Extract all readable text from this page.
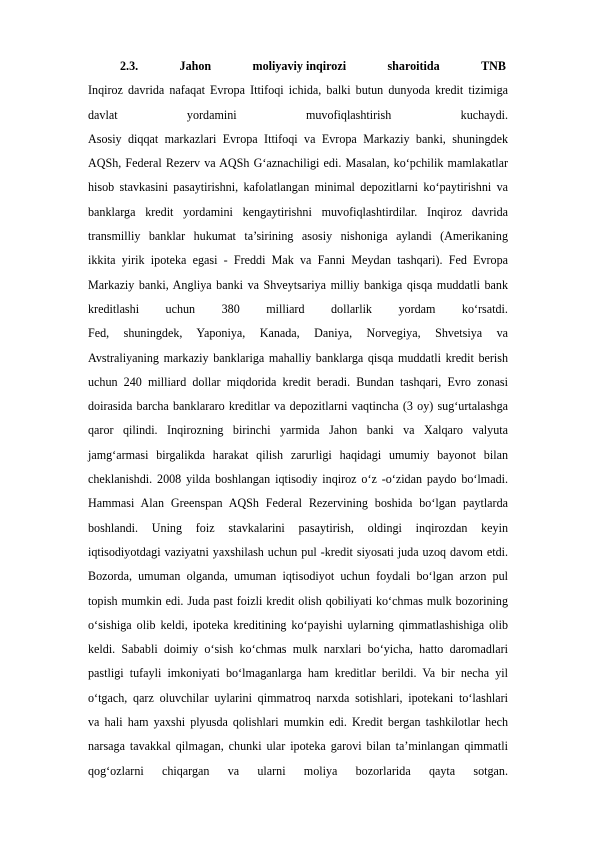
2.3.	Jahon	moliyaviy inqirozi	sharoitida	TNB
Inqiroz davrida nafaqat Evropa Ittifoqi ichida, balki butun dunyoda kredit tizimiga
davlat	yordamini	muvofiqlashtirish	kuchaydi.
Asosiy diqqat markazlari Evropa Ittifoqi va Evropa Markaziy banki, shuningdek
AQSh, Federal Rezerv va AQSh G‘aznachiligi edi. Masalan, ko‘pchilik mamlakatlar
hisob stavkasini pasaytirishni, kafolatlangan minimal depozitlarni ko‘paytirishni va
banklarga kredit yordamini kengaytirishni muvofiqlashtirdilar. Inqiroz davrida
transmilliy banklar hukumat ta’sirining asosiy nishoniga aylandi (Amerikaning
ikkita yirik ipoteka egasi - Freddi Mak va Fanni Meydan tashqari). Fed Evropa
Markaziy banki, Angliya banki va Shveytsariya milliy bankiga qisqa muddatli bank
kreditlashi uchun 380 milliard dollarlik yordam ko‘rsatdi.
Fed, shuningdek, Yaponiya, Kanada, Daniya, Norvegiya, Shvetsiya va
Avstraliyaning markaziy banklariga mahalliy banklarga qisqa muddatli kredit berish
uchun 240 milliard dollar miqdorida kredit beradi. Bundan tashqari, Evro zonasi
doirasida barcha banklararo kreditlar va depozitlarni vaqtincha (3 oy) sug‘urtalashga
qaror qilindi. Inqirozning birinchi yarmida Jahon banki va Xalqaro valyuta
jamg‘armasi birgalikda harakat qilish zarurligi haqidagi umumiy bayonot bilan
cheklanishdi. 2008 yilda boshlangan iqtisodiy inqiroz o‘z -o‘zidan paydo bo‘lmadi.
Hammasi Alan Greenspan AQSh Federal Rezervining boshida bo‘lgan paytlarda
boshlandi. Uning foiz stavkalarini pasaytirish, oldingi inqirozdan keyin
iqtisodiyotdagi vaziyatni yaxshilash uchun pul -kredit siyosati juda uzoq davom etdi.
Bozorda, umuman olganda, umuman iqtisodiyot uchun foydali bo‘lgan arzon pul
topish mumkin edi. Juda past foizli kredit olish qobiliyati ko‘chmas mulk bozorining
o‘sishiga olib keldi, ipoteka kreditining ko‘payishi uylarning qimmatlashishiga olib
keldi. Sababli doimiy o‘sish ko‘chmas mulk narxlari bo‘yicha, hatto daromadlari
pastligi tufayli imkoniyati bo‘lmaganlarga ham kreditlar berildi. Va bir necha yil
o‘tgach, qarz oluvchilar uylarini qimmatroq narxda sotishlari, ipotekani to‘lashlari
va hali ham yaxshi plyusda qolishlari mumkin edi. Kredit bergan tashkilotlar hech
narsaga tavakkal qilmagan, chunki ular ipoteka garovi bilan ta’minlangan qimmatli
qog‘ozlarni chiqargan va ularni moliya bozorlarida qayta sotgan.
